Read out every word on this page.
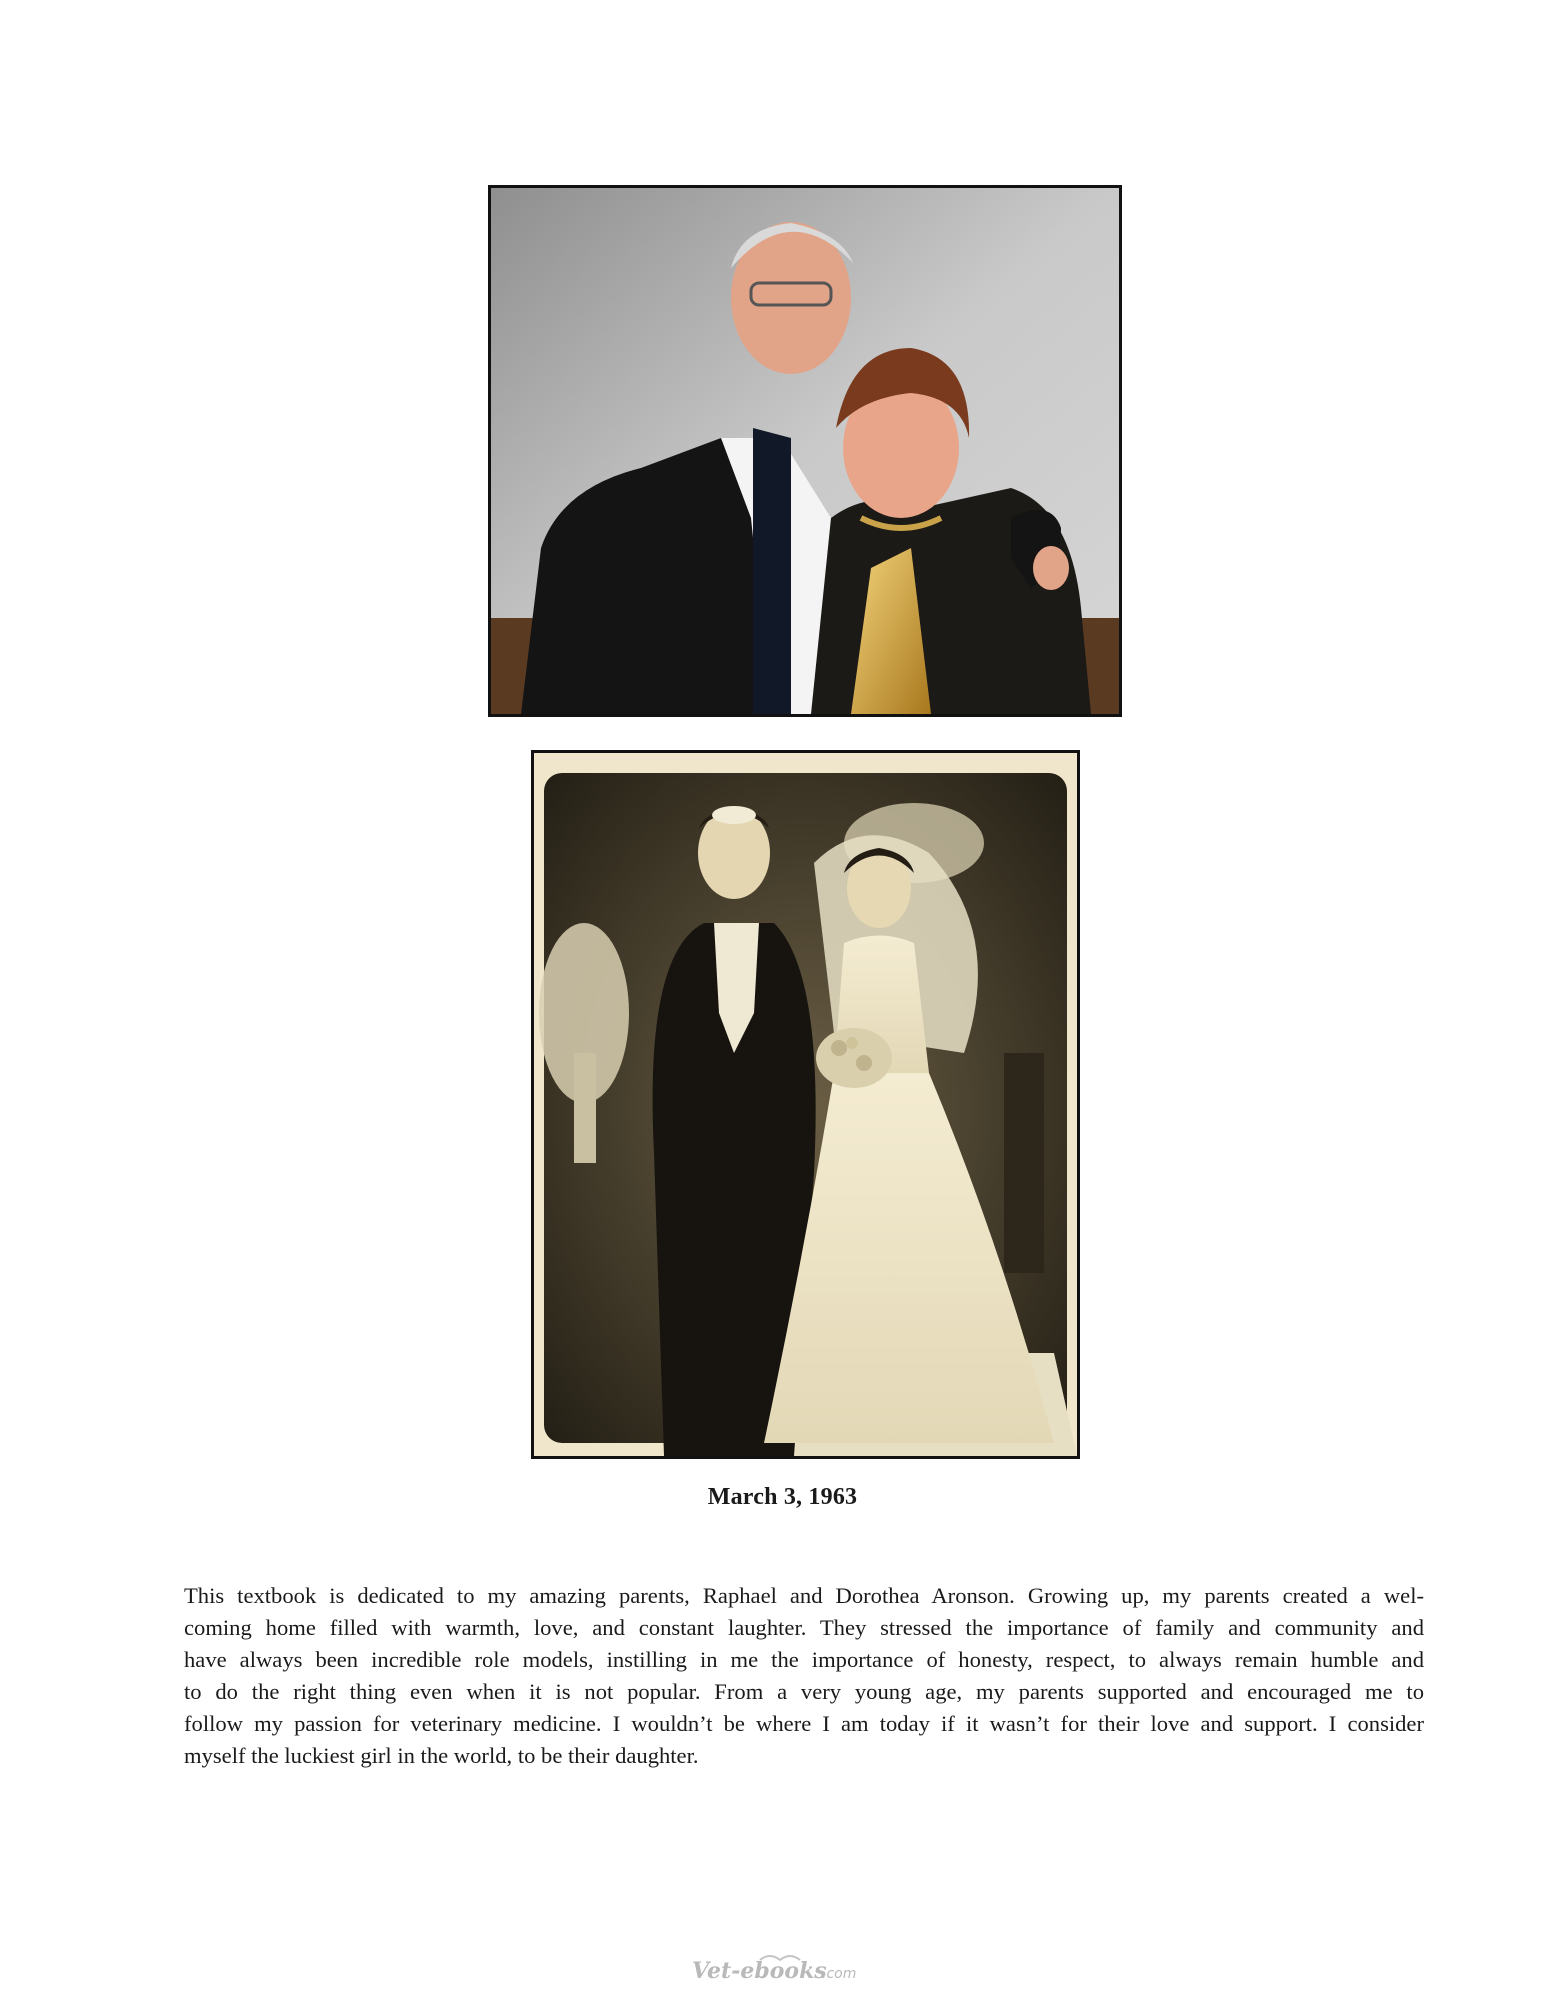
March 3, 1963

This textbook is dedicated to my amazing parents, Raphael and Dorothea Aronson. Growing up, my parents created a wel-
coming home filled with warmth, love, and constant laughter. They stressed the importance of family and community and
have always been incredible role models, instilling in me the importance of honesty, respect, to always remain humble and
to do the right thing even when it is not popular. From a very young age, my parents supported and encouraged me to
follow my passion for veterinary medicine. I wouldn’t be where I am today if it wasn’t for their love and support. I consider
myself the luckiest girl in the world, to be their daughter.

Vet-ebooks
.com
